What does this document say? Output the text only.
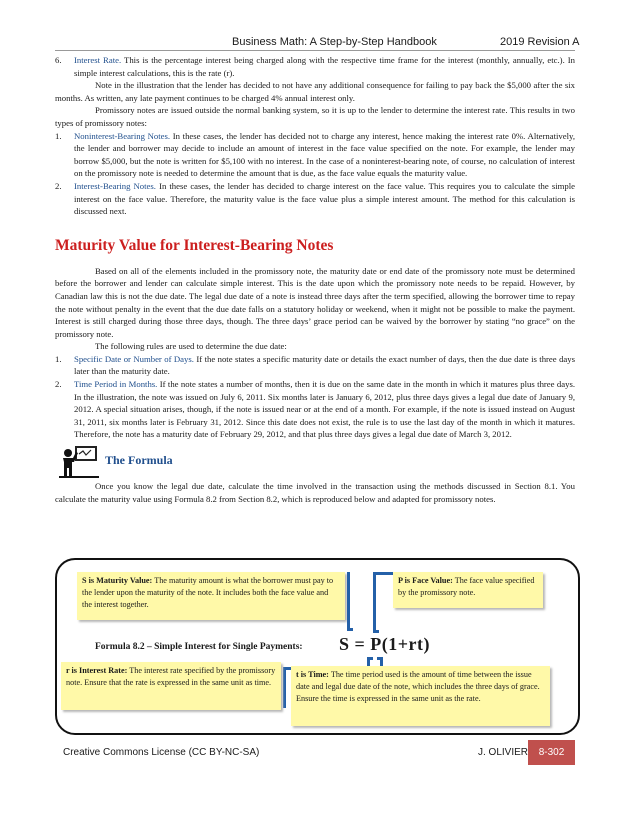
Business Math: A Step-by-Step Handbook	2019 Revision A

6. Interest Rate. This is the percentage interest being charged along with the respective time frame for the interest (monthly, annually, etc.). In simple interest calculations, this is the rate (r).

Note in the illustration that the lender has decided to not have any additional consequence for failing to pay back the $5,000 after the six months. As written, any late payment continues to be charged 4% annual interest only.

Promissory notes are issued outside the normal banking system, so it is up to the lender to determine the interest rate. This results in two types of promissory notes:

1. Noninterest-Bearing Notes. In these cases, the lender has decided not to charge any interest, hence making the interest rate 0%. Alternatively, the lender and borrower may decide to include an amount of interest in the face value specified on the note. For example, the lender may borrow $5,000, but the note is written for $5,100 with no interest. In the case of a noninterest-bearing note, of course, no calculation of interest on the promissory note is needed to determine the amount that is due, as the face value equals the maturity value.

2. Interest-Bearing Notes. In these cases, the lender has decided to charge interest on the face value. This requires you to calculate the simple interest on the face value. Therefore, the maturity value is the face value plus a simple interest amount. The method for this calculation is discussed next.

Maturity Value for Interest-Bearing Notes

Based on all of the elements included in the promissory note, the maturity date or end date of the promissory note must be determined before the borrower and lender can calculate simple interest. This is the date upon which the promissory note needs to be repaid. However, by Canadian law this is not the due date. The legal due date of a note is instead three days after the term specified, allowing the borrower time to repay the note without penalty in the event that the due date falls on a statutory holiday or weekend, when it might not be possible to make the payment. Interest is still charged during those three days, though. The three days’ grace period can be waived by the borrower by stating “no grace” on the promissory note.

The following rules are used to determine the due date:

1. Specific Date or Number of Days. If the note states a specific maturity date or details the exact number of days, then the due date is three days later than the maturity date.

2. Time Period in Months. If the note states a number of months, then it is due on the same date in the month in which it matures plus three days. In the illustration, the note was issued on July 6, 2011. Six months later is January 6, 2012, plus three days gives a legal due date of January 9, 2012. A special situation arises, though, if the note is issued near or at the end of a month. For example, if the note is issued instead on August 31, 2011, six months later is February 31, 2012. Since this date does not exist, the rule is to use the last day of the month in which it matures. Therefore, the note has a maturity date of February 29, 2012, and that plus three days gives a legal due date of March 3, 2012.

The Formula

Once you know the legal due date, calculate the time involved in the transaction using the methods discussed in Section 8.1. You calculate the maturity value using Formula 8.2 from Section 8.2, which is reproduced below and adapted for promissory notes.

S is Maturity Value: The maturity amount is what the borrower must pay to the lender upon the maturity of the note. It includes both the face value and the interest together.
P is Face Value: The face value specified by the promissory note.
Formula 8.2 – Simple Interest for Single Payments: S = P(1+rt)
r is Interest Rate: The interest rate specified by the promissory note. Ensure that the rate is expressed in the same unit as time.
t is Time: The time period used is the amount of time between the issue date and legal due date of the note, which includes the three days of grace. Ensure the time is expressed in the same unit as the rate.
Creative Commons License (CC BY-NC-SA)	J. OLIVIER	8-302
